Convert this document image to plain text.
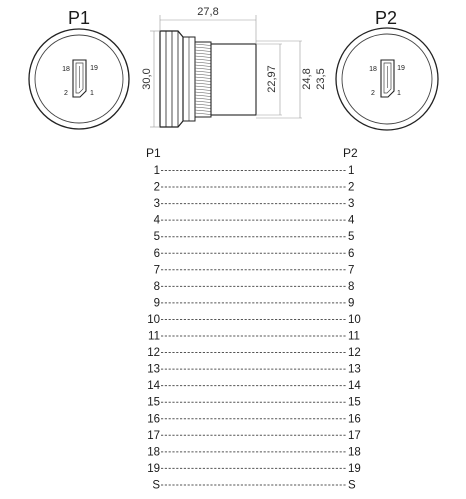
P1
18	19
2	1
P2
18	19
2	1
27,8
30,0	22,97 24,8 23,5
P1	P2
1	1
2	2
3	3
4	4
5	5
6	6
7	7
8	8
9	9
10	10
11	11
12	12
13	13
14	14
15	15
16	16
17	17
18	18
19	19
S	S
